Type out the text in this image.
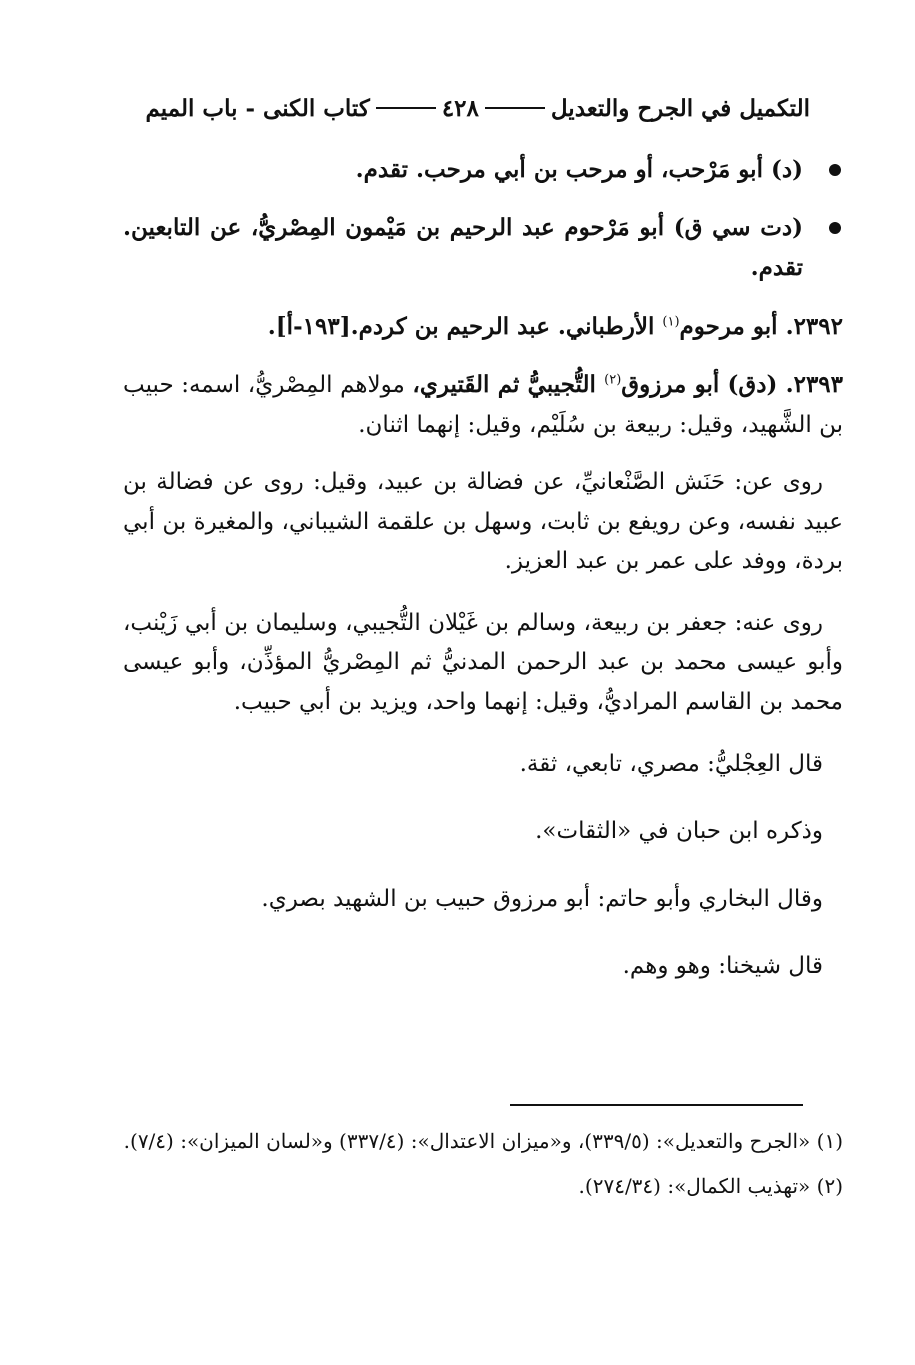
التكميل في الجرح والتعديل
٤٢٨
كتاب الكنى - باب الميم

(د) أبو مَرْحب، أو مرحب بن أبي مرحب. تقدم.

(دت سي ق) أبو مَرْحوم عبد الرحيم بن مَيْمون المِصْريُّ، عن التابعين. تقدم.

٢٣٩٢. أبو مرحوم$^{(١)}$ الأرطباني. عبد الرحيم بن كردم.[١٩٣-أ].

٢٣٩٣. (دق) أبو مرزوق$^{(٢)}$ التُّجيبيُّ ثم القَتيري، مولاهم المِصْريُّ، اسمه: حبيب بن الشَّهيد، وقيل: ربيعة بن سُلَيْم، وقيل: إنهما اثنان.

روى عن: حَنَش الصَّنْعانيِّ، عن فضالة بن عبيد، وقيل: روى عن فضالة بن عبيد نفسه، وعن رويفع بن ثابت، وسهل بن علقمة الشيباني، والمغيرة بن أبي بردة، ووفد على عمر بن عبد العزيز.

روى عنه: جعفر بن ربيعة، وسالم بن غَيْلان التُّجيبي، وسليمان بن أبي زَيْنب، وأبو عيسى محمد بن عبد الرحمن المدنيُّ ثم المِصْريُّ المؤذِّن، وأبو عيسى محمد بن القاسم المراديُّ، وقيل: إنهما واحد، ويزيد بن أبي حبيب.

قال العِجْليُّ: مصري، تابعي، ثقة.

وذكره ابن حبان في «الثقات».

وقال البخاري وأبو حاتم: أبو مرزوق حبيب بن الشهيد بصري.

قال شيخنا: وهو وهم.

(١) «الجرح والتعديل»: (٣٣٩/٥)، و«ميزان الاعتدال»: (٣٣٧/٤) و«لسان الميزان»: (٧/٤).

(٢) «تهذيب الكمال»: (٢٧٤/٣٤).
